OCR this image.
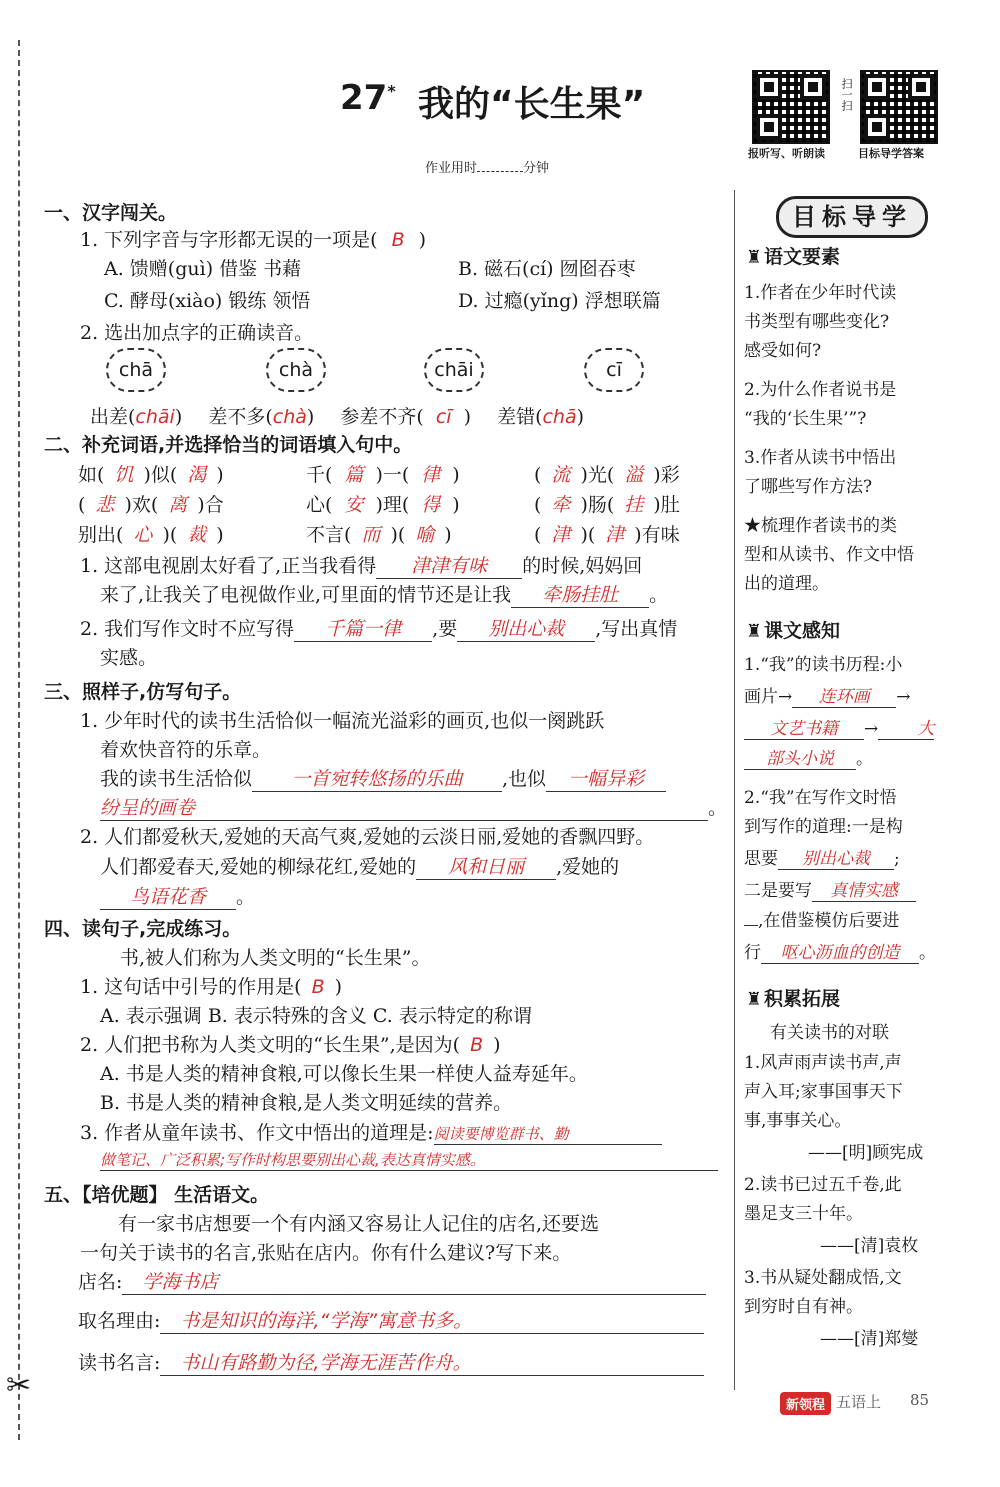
27* 我的“长生果”
作业用时	分钟
扫一扫
报听写、听朗读	目标导学答案
✂
一、汉字闯关。
1. 下列字音与字形都无误的一项是( B )
A. 馈赠(guì) 借鉴 书藉	B. 磁石(cí) 囫囵吞枣
C. 酵母(xiào) 锻练 领悟	D. 过瘾(yǐng) 浮想联篇
2. 选出加点字的正确读音。
chā	chà	chāi	cī
出差(chāi)  差不多(chà)  参差不齐( cī )  差错(chā)
二、补充词语,并选择恰当的词语填入句中。
如( 饥 )似( 渴 )	千( 篇 )一( 律 )	( 流 )光( 溢 )彩
( 悲 )欢( 离 )合	心( 安 )理( 得 )	( 牵 )肠( 挂 )肚
别出( 心 )( 裁 )	不言( 而 )( 喻 )	( 津 )( 津 )有味
1. 这部电视剧太好看了,正当我看得 津津有味 的时候,妈妈回
来了,让我关了电视做作业,可里面的情节还是让我 牵肠挂肚 。
2. 我们写作文时不应写得 千篇一律 ,要 别出心裁 ,写出真情
实感。
三、照样子,仿写句子。
1. 少年时代的读书生活恰似一幅流光溢彩的画页,也似一阕跳跃
着欢快音符的乐章。
我的读书生活恰似 一首宛转悠扬的乐曲 ,也似 一幅异彩
纷呈的画卷	。
2. 人们都爱秋天,爱她的天高气爽,爱她的云淡日丽,爱她的香飘四野。
人们都爱春天,爱她的柳绿花红,爱她的 风和日丽 ,爱她的
鸟语花香 。
四、读句子,完成练习。
书,被人们称为人类文明的“长生果”。
1. 这句话中引号的作用是( B )
A. 表示强调 B. 表示特殊的含义 C. 表示特定的称谓
2. 人们把书称为人类文明的“长生果”,是因为( B )
A. 书是人类的精神食粮,可以像长生果一样使人益寿延年。
B. 书是人类的精神食粮,是人类文明延续的营养。
3. 作者从童年读书、作文中悟出的道理是:阅读要博览群书、勤
做笔记、广泛积累;写作时构思要别出心裁,表达真情实感。
五、【培优题】 生活语文。
有一家书店想要一个有内涵又容易让人记住的店名,还要选
一句关于读书的名言,张贴在店内。你有什么建议?写下来。
店名: 学海书店
取名理由: 书是知识的海洋,“学海”寓意书多。
读书名言: 书山有路勤为径,学海无涯苦作舟。
目标导学
♜ 语文要素
1.作者在少年时代读
书类型有哪些变化?
感受如何?
2.为什么作者说书是
“我的‘长生果’”?
3.作者从读书中悟出
了哪些写作方法?
★梳理作者读书的类
型和从读书、作文中悟
出的道理。
♜ 课文感知
1.“我”的读书历程:小
画片→ 连环画 →
文艺书籍 → 大
部头小说 。
2.“我”在写作文时悟
到写作的道理:一是构
思要 别出心裁 ;
二是要写 真情实感
,在借鉴模仿后要进
行 呕心沥血的创造 。
♜ 积累拓展
有关读书的对联
1.风声雨声读书声,声
声入耳;家事国事天下
事,事事关心。
——[明]顾宪成
2.读书已过五千卷,此
墨足支三十年。
——[清]袁枚
3.书从疑处翻成悟,文
到穷时自有神。
——[清]郑燮
新领程 五语上 85
